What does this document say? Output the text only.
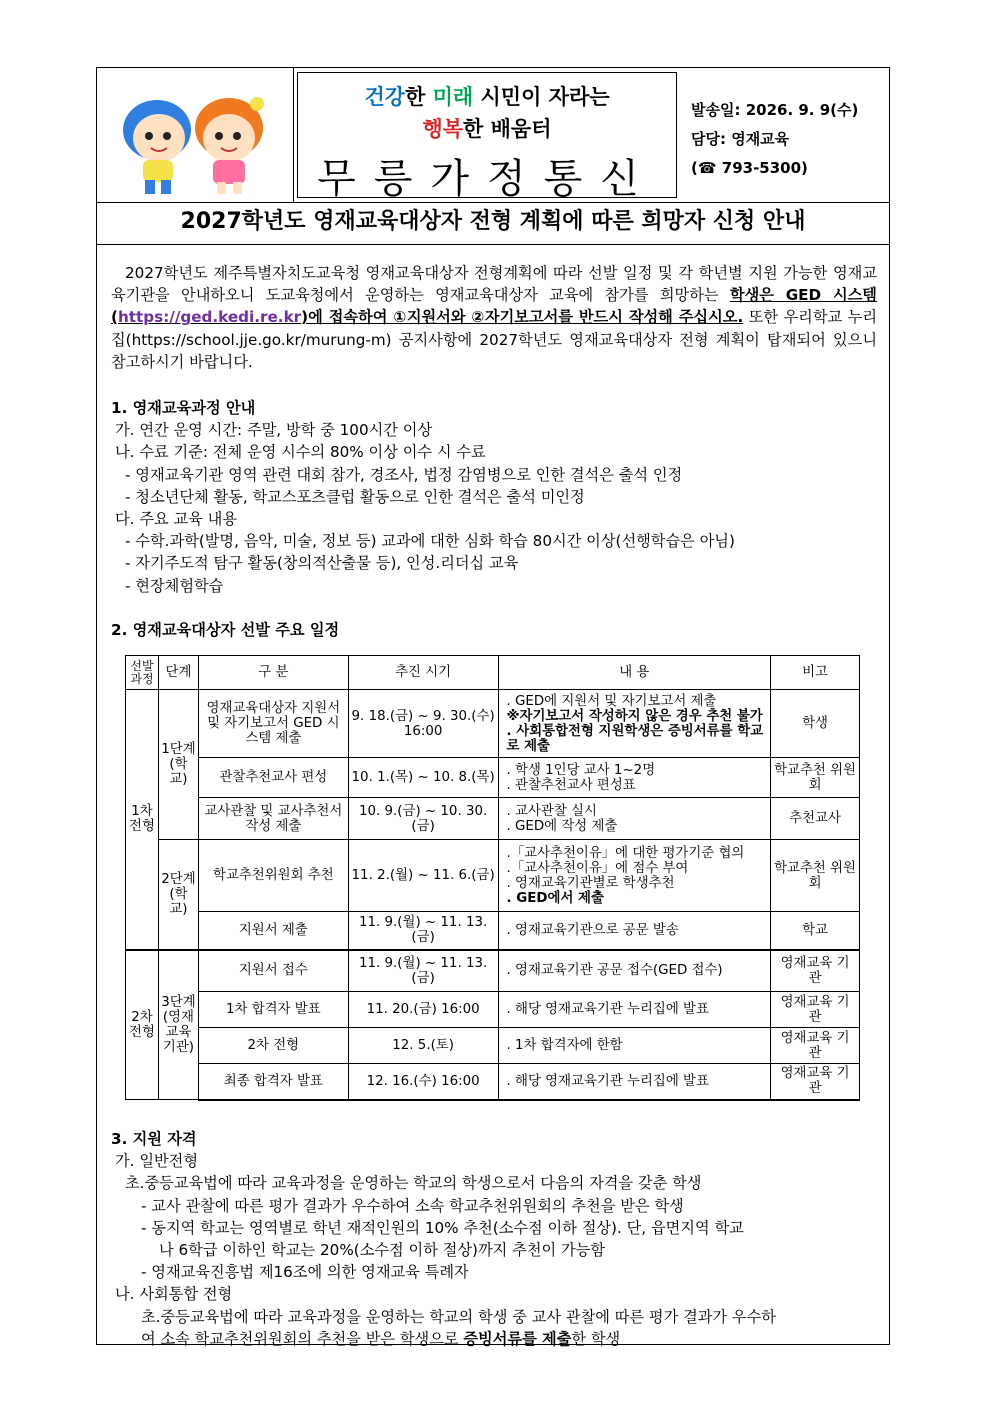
건강한 미래 시민이 자라는
행복한 배움터
무릉가정통신
발송일: 2026. 9. 9(수)
담당: 영재교육
(☎ 793-5300)
2027학년도 영재교육대상자 전형 계획에 따른 희망자 신청 안내
2027학년도 제주특별자치도교육청 영재교육대상자 전형계획에 따라 선발 일정 및 각 학년별 지원 가능한 영재교육기관을 안내하오니 도교육청에서 운영하는 영재교육대상자 교육에 참가를 희망하는 학생은 GED 시스템(https://ged.kedi.re.kr)에 접속하여 ①지원서와 ②자기보고서를 반드시 작성해 주십시오. 또한 우리학교 누리집(https://school.jje.go.kr/murung-m) 공지사항에 2027학년도 영재교육대상자 전형 계획이 탑재되어 있으니 참고하시기 바랍니다.
1. 영재교육과정 안내
가. 연간 운영 시간: 주말, 방학 중 100시간 이상
나. 수료 기준: 전체 운영 시수의 80% 이상 이수 시 수료
- 영재교육기관 영역 관련 대회 참가, 경조사, 법정 감염병으로 인한 결석은 출석 인정
- 청소년단체 활동, 학교스포츠클럽 활동으로 인한 결석은 출석 미인정
다. 주요 교육 내용
- 수학.과학(발명, 음악, 미술, 정보 등) 교과에 대한 심화 학습 80시간 이상(선행학습은 아님)
- 자기주도적 탐구 활동(창의적산출물 등), 인성.리더십 교육
- 현장체험학습
2. 영재교육대상자 선발 주요 일정
선발과정	단계	구 분	추진 시기	내 용	비고
1차 전형	1단계 (학교)	영재교육대상자 지원서 및 자기보고서 GED 시스템 제출	9. 18.(금) ~ 9. 30.(수) 16:00	. GED에 지원서 및 자기보고서 제출
※자기보고서 작성하지 않은 경우 추천 불가
. 사회통합전형 지원학생은 증빙서류를 학교로 제출	학생
		관찰추천교사 편성	10. 1.(목) ~ 10. 8.(목)	. 학생 1인당 교사 1~2명
. 관찰추천교사 편성표	학교추천 위원회
		교사관찰 및 교사추천서 작성 제출	10. 9.(금) ~ 10. 30.(금)	. 교사관찰 실시
. GED에 작성 제출	추천교사
	2단계 (학교)	학교추천위원회 추천	11. 2.(월) ~ 11. 6.(금)	.「교사추천이유」에 대한 평가기준 협의
.「교사추천이유」에 점수 부여
. 영재교육기관별로 학생추천
. GED에서 제출	학교추천 위원회
		지원서 제출	11. 9.(월) ~ 11. 13.(금)	. 영재교육기관으로 공문 발송	학교
2차 전형	3단계 (영재 교육 기관)	지원서 접수	11. 9.(월) ~ 11. 13.(금)	. 영재교육기관 공문 접수(GED 접수)	영재교육 기 관
		1차 합격자 발표	11. 20.(금) 16:00	. 해당 영재교육기관 누리집에 발표	영재교육 기 관
		2차 전형	12. 5.(토)	. 1차 합격자에 한함	영재교육 기 관
		최종 합격자 발표	12. 16.(수) 16:00	. 해당 영재교육기관 누리집에 발표	영재교육 기 관
3. 지원 자격
가. 일반전형
초.중등교육법에 따라 교육과정을 운영하는 학교의 학생으로서 다음의 자격을 갖춘 학생
- 교사 관찰에 따른 평가 결과가 우수하여 소속 학교추천위원회의 추천을 받은 학생
- 동지역 학교는 영역별로 학년 재적인원의 10% 추천(소수점 이하 절상). 단, 읍면지역 학교
나 6학급 이하인 학교는 20%(소수점 이하 절상)까지 추천이 가능함
- 영재교육진흥법 제16조에 의한 영재교육 특례자
나. 사회통합 전형
초.중등교육법에 따라 교육과정을 운영하는 학교의 학생 중 교사 관찰에 따른 평가 결과가 우수하
여 소속 학교추천위원회의 추천을 받은 학생으로 증빙서류를 제출한 학생
